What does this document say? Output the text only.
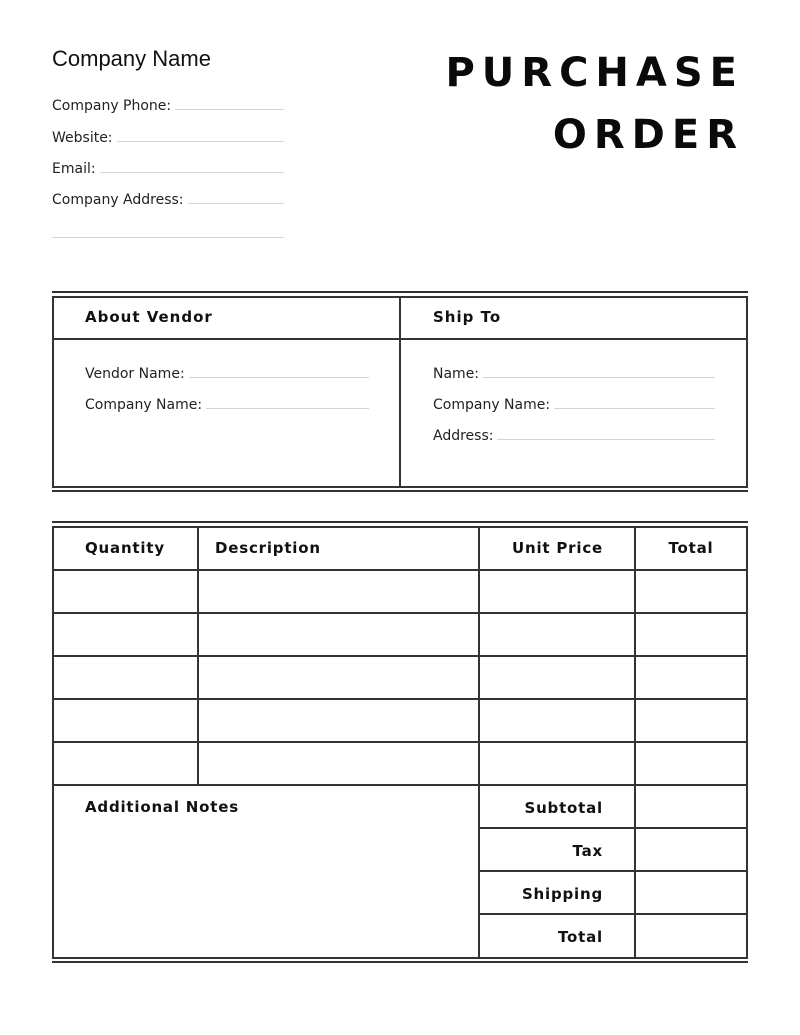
Company Name
Company Phone:
Website:
Email:
Company Address:
PURCHASE
ORDER
About Vendor	Ship To
Vendor Name:
Company Name:
Name:
Company Name:
Address:
Quantity	Description	Unit Price	Total
Additional Notes	Subtotal
Tax
Shipping
Total
